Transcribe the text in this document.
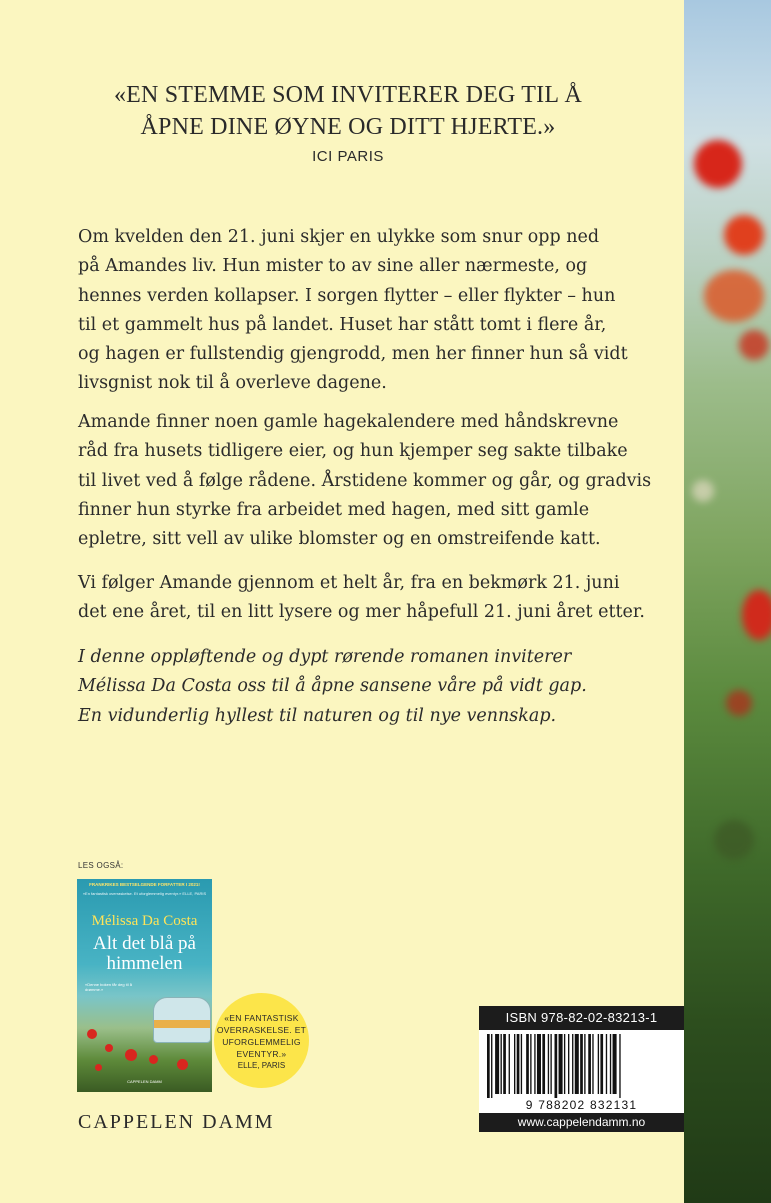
«EN STEMME SOM INVITERER DEG TIL Å
ÅPNE DINE ØYNE OG DITT HJERTE.»
ICI PARIS

Om kvelden den 21. juni skjer en ulykke som snur opp ned
på Amandes liv. Hun mister to av sine aller nærmeste, og
hennes verden kollapser. I sorgen flytter – eller flykter – hun
til et gammelt hus på landet. Huset har stått tomt i flere år,
og hagen er fullstendig gjengrodd, men her finner hun så vidt
livsgnist nok til å overleve dagene.

Amande finner noen gamle hagekalendere med håndskrevne
råd fra husets tidligere eier, og hun kjemper seg sakte tilbake
til livet ved å følge rådene. Årstidene kommer og går, og gradvis
finner hun styrke fra arbeidet med hagen, med sitt gamle
epletre, sitt vell av ulike blomster og en omstreifende katt.

Vi følger Amande gjennom et helt år, fra en bekmørk 21. juni
det ene året, til en litt lysere og mer håpefull 21. juni året etter.

I denne oppløftende og dypt rørende romanen inviterer
Mélissa Da Costa oss til å åpne sansene våre på vidt gap.
En vidunderlig hyllest til naturen og til nye vennskap.

LES OGSÅ:
FRANKRIKES BESTSELGENDE FORFATTER I 2021!
«En fantastisk overraskelse. Et uforglemmelig eventyr.» ELLE, PARIS
Mélissa Da Costa
Alt det blå på
himmelen
«Denne boken får deg til å drømme.»
CAPPELEN DAMM
«EN FANTASTISK
OVERRASKELSE. ET
UFORGLEMMELIG
EVENTYR.»
ELLE, PARIS
CAPPELEN DAMM
ISBN 978-82-02-83213-1
9 788202 832131
www.cappelendamm.no
